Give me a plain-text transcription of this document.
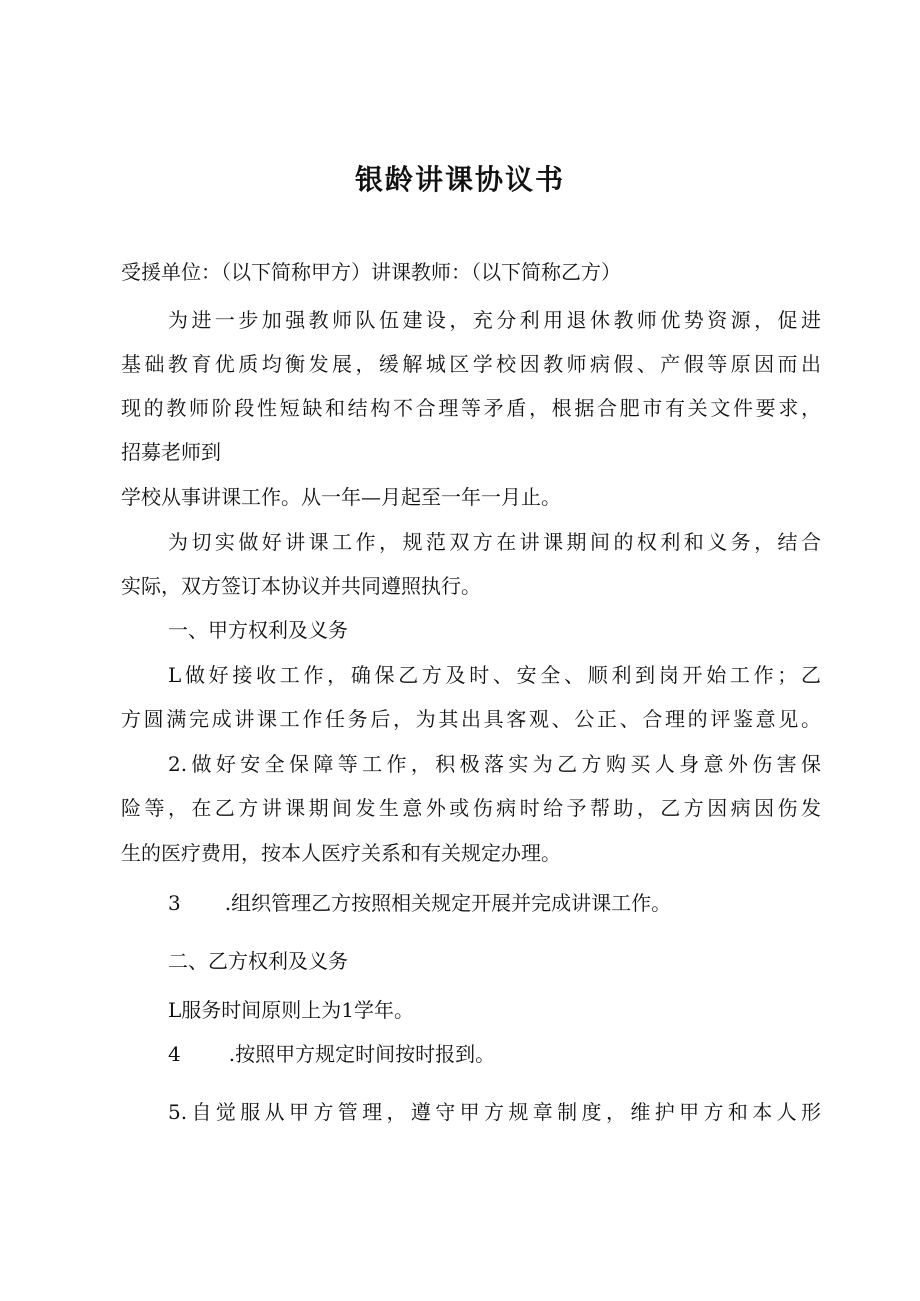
银龄讲课协议书

受援单位：（以下简称甲方）讲课教师：（以下简称乙方）

为进一步加强教师队伍建设，充分利用退休教师优势资源，促进

基础教育优质均衡发展，缓解城区学校因教师病假、产假等原因而出

现的教师阶段性短缺和结构不合理等矛盾，根据合肥市有关文件要求，

招募老师到

学校从事讲课工作。从一年—月起至一年一月止。

为切实做好讲课工作，规范双方在讲课期间的权利和义务，结合

实际，双方签订本协议并共同遵照执行。

一、甲方权利及义务

L做好接收工作，确保乙方及时、安全、顺利到岗开始工作；乙

方圆满完成讲课工作任务后，为其出具客观、公正、合理的评鉴意见。

2.做好安全保障等工作，积极落实为乙方购买人身意外伤害保

险等，在乙方讲课期间发生意外或伤病时给予帮助，乙方因病因伤发

生的医疗费用，按本人医疗关系和有关规定办理。

3 .组织管理乙方按照相关规定开展并完成讲课工作。

二、乙方权利及义务

L服务时间原则上为1学年。

4 .按照甲方规定时间按时报到。

5.自觉服从甲方管理，遵守甲方规章制度，维护甲方和本人形
